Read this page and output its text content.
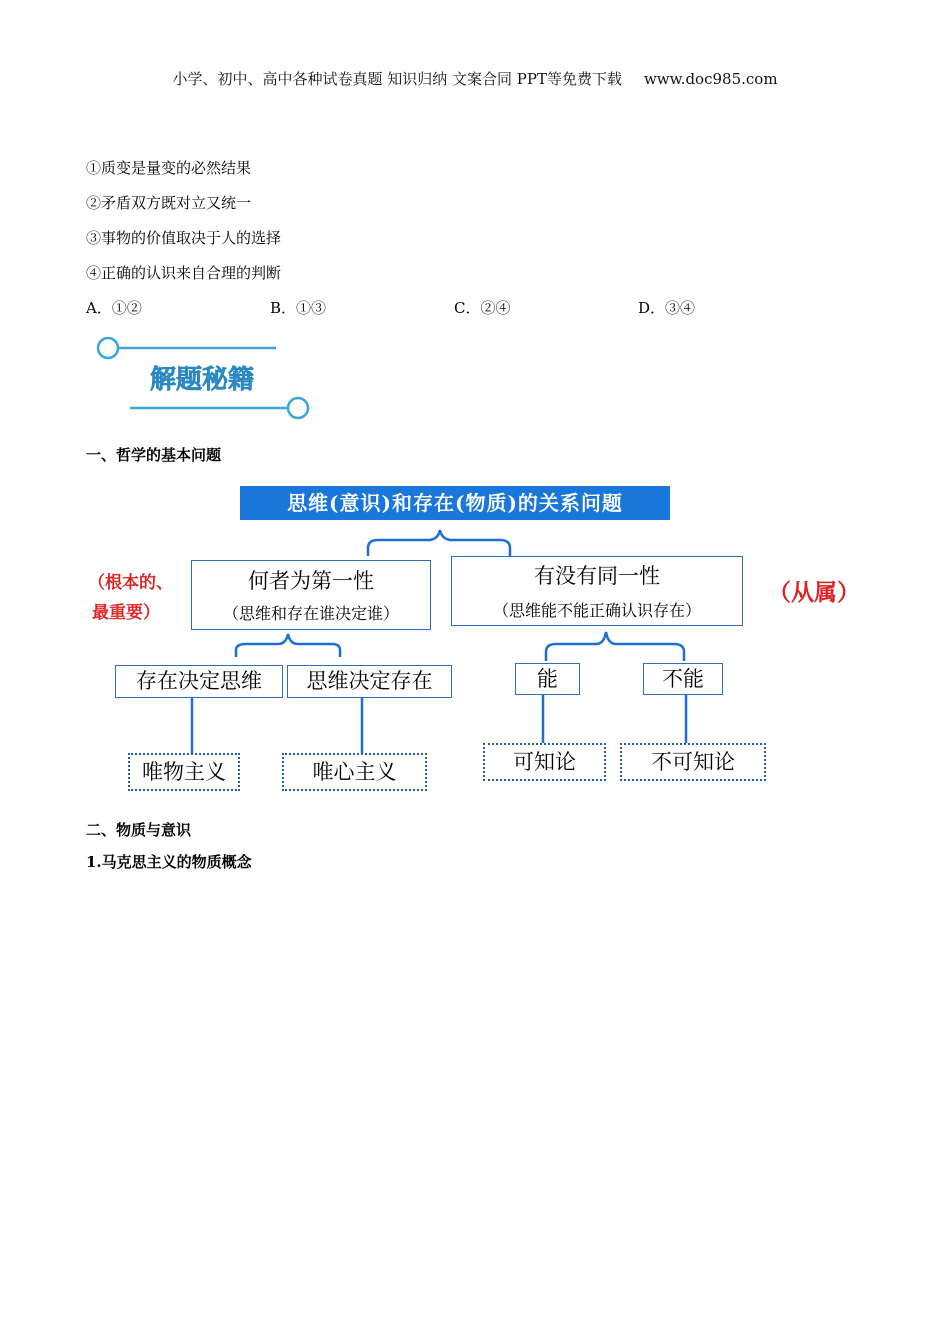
小学、初中、高中各种试卷真题 知识归纳 文案合同 PPT等免费下载 www.doc985.com
①质变是量变的必然结果
②矛盾双方既对立又统一
③事物的价值取决于人的选择
④正确的认识来自合理的判断
A．①②	B．①③	C．②④	D．③④
解题秘籍
一、哲学的基本问题
思维(意识)和存在(物质)的关系问题
（根本的、
最重要）
（从属）
何者为第一性
（思维和存在谁决定谁）
有没有同一性
（思维能不能正确认识存在）
存在决定思维	思维决定存在	能	不能
唯物主义	唯心主义	可知论	不可知论
二、物质与意识
1.马克思主义的物质概念
